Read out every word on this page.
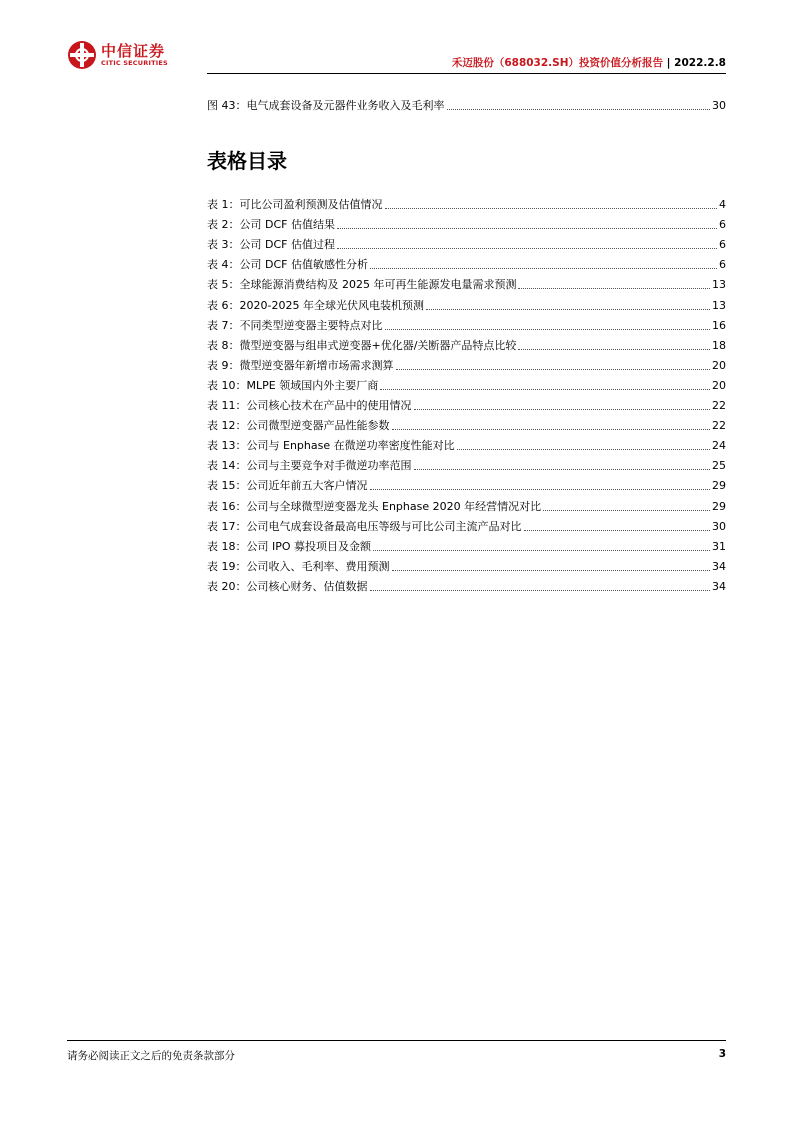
中信证券
CITIC SECURITIES	禾迈股份（688032.SH）投资价值分析报告 | 2022.2.8
图 43：电气成套设备及元器件业务收入及毛利率	30
表格目录
表 1：可比公司盈利预测及估值情况	4
表 2：公司 DCF 估值结果	6
表 3：公司 DCF 估值过程	6
表 4：公司 DCF 估值敏感性分析	6
表 5：全球能源消费结构及 2025 年可再生能源发电量需求预测	13
表 6：2020-2025 年全球光伏风电装机预测	13
表 7：不同类型逆变器主要特点对比	16
表 8：微型逆变器与组串式逆变器+优化器/关断器产品特点比较	18
表 9：微型逆变器年新增市场需求测算	20
表 10：MLPE 领域国内外主要厂商	20
表 11：公司核心技术在产品中的使用情况	22
表 12：公司微型逆变器产品性能参数	22
表 13：公司与 Enphase 在微逆功率密度性能对比	24
表 14：公司与主要竞争对手微逆功率范围	25
表 15：公司近年前五大客户情况	29
表 16：公司与全球微型逆变器龙头 Enphase 2020 年经营情况对比	29
表 17：公司电气成套设备最高电压等级与可比公司主流产品对比	30
表 18：公司 IPO 募投项目及金额	31
表 19：公司收入、毛利率、费用预测	34
表 20：公司核心财务、估值数据	34
请务必阅读正文之后的免责条款部分	3
